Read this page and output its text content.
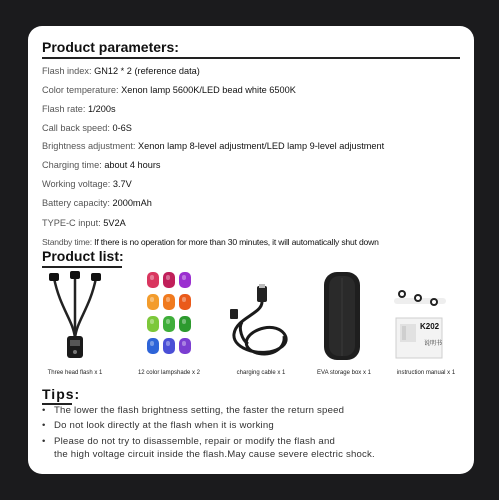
Product parameters:
Flash index: GN12 * 2 (reference data)
Color temperature: Xenon lamp 5600K/LED bead white 6500K
Flash rate: 1/200s
Call back speed: 0-6S
Brightness adjustment: Xenon lamp 8-level adjustment/LED lamp 9-level adjustment
Charging time: about 4 hours
Working voltage: 3.7V
Battery capacity: 2000mAh
TYPE-C input: 5V2A
Standby time: If there is no operation for more than 30 minutes, it will automatically shut down
Product list:
Three head flash x 1	12 color lampshade x 2	charging cable x 1	EVA storage box x 1
K202
说明书
instruction manual x 1
Tips:
• The lower the flash brightness setting, the faster the return speed
• Do not look directly at the flash when it is working
• Please do not try to disassemble, repair or modify the flash and
the high voltage circuit inside the flash.May cause severe electric shock.
